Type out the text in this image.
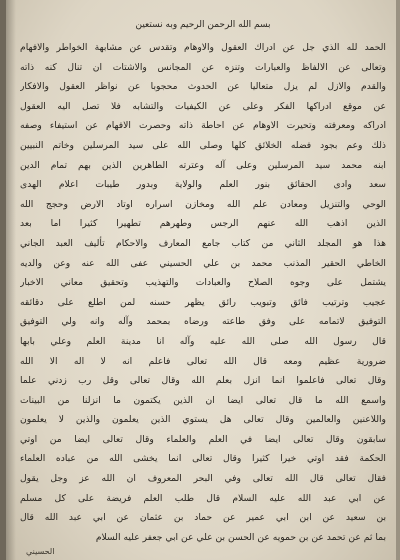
بسم الله الرحمن الرحيم وبه نستعين
الحمد لله الذي جل عن ادراك العقول والاوهام وتقدس عن مشابهة الخواطر والافهام
وتعالى عن الالفاظ والعبارات وتنزه عن المجانس والاشتات ان تنال كنه ذاته
والقدم والازل لم يزل متعاليا عن الحدوث محجوبا عن نواظر العقول والافكار
عن موقع ادراكها الفكر وعلى عن الكيفيات والتشابه فلا تصل اليه العقول
ادراكه ومعرفته وتحيرت الاوهام عن احاطة ذاته وحصرت الافهام عن استيفاء وصفه
ذلك وعم بجود فضله الخلائق كلها وصلى الله على سيد المرسلين وخاتم النبيين
ابنه محمد سيد المرسلين وعلى آله وعترته الطاهرين الذين بهم تمام الدين
سعد وادى الحقائق بنور العلم والولاية وبدور طيبات اعلام الهدى
الوحي والتنزيل ومعادن علم الله ومخازن اسراره اوتاد الارض وحجج الله
الذين اذهب الله عنهم الرجس وطهرهم تطهيرا كثيرا اما بعد
هذا هو المجلد الثاني من كتاب جامع المعارف والاحكام تأليف العبد الجاني
الخاطي الحقير المذنب محمد بن علي الحسيني عفى الله عنه وعن والديه
يشتمل على وجوه الصلاح والعبادات والتهذيب وتحقيق معاني الاخبار
عجيب وترتيب فائق وتبويب رائق يظهر حسنه لمن اطلع على دقائقه
التوفيق لاتمامه على وفق طاعته ورضاه بمحمد وآله وانه ولي التوفيق
قال رسول الله صلى الله عليه وآله انا مدينة العلم وعلي بابها
ضرورية عظيم ومعه قال الله تعالى فاعلم انه لا اله الا الله
وقال تعالى فاعلموا انما انزل بعلم الله وقال تعالى وقل رب زدني علما
واسمع الله ما قال تعالى ايضا ان الذين يكتمون ما انزلنا من البينات
واللاعنين والعالمين وقال تعالى هل يستوي الذين يعلمون والذين لا يعلمون
سابقون وقال تعالى ايضا في العلم والعلماء وقال تعالى ايضا من اوتي
الحكمة فقد اوتي خيرا كثيرا وقال تعالى انما يخشى الله من عباده العلماء
فقال تعالى قال الله تعالى وفي البحر المعروف ان الله عز وجل يقول
عن ابي عبد الله عليه السلام قال طلب العلم فريضة على كل مسلم
بن سعيد عن ابن ابي عمير عن حماد بن عثمان عن ابي عبد الله قال
بما ثم عن تحمد عن بن حمويه عن الحسن بن علي عن ابي جعفر عليه السلام
الحسيني
